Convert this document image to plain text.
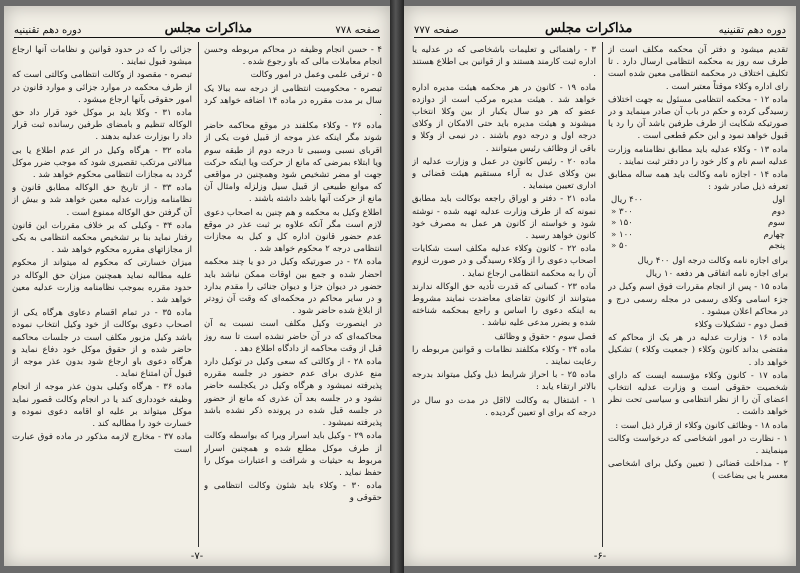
صفحه ۷۷۸
مذاکرات مجلس
دوره دهم تقنینیه

۴ - حسن انجام وظیفه در محاکم مربوطه وحسن انجام معاملات مالی که باو رجوع شده .

۵ - ترقی علمی وعمل در امور وکالت

تبصره - محکومیت انتظامی از درجه سه ببالا یک سال بر مدت مقرره در ماده ۱۴ اضافه خواهد کرد .

ماده ۲۶ - وکلاء مکلفند در موقع محاکمه حاضر شوند مگر اینکه عذر موجه از قبیل فوت یکی از اقربای نسبی وسببی تا درجه دوم از طبقه سوم ویا ابتلاء بمرضی که مانع از حرکت ویا اینکه حرکت جهت او مضر تشخیص شود وهمچنین در مواقعی که موانع طبیعی از قبیل سیل وزلزله وامثال آن مانع از حرکت آنها باشد داشته باشند .

اطلاع وکیل به محکمه و هم چنین به اصحاب دعوی لازم است مگر آنکه علاوه بر ثبت عذر در موقع عدم حضور قانون اداره کل و کیل به مجازات انتظامی درجه ۲ محکوم خواهد شد .

ماده ۲۸ - در صورتیکه وکیل در دو یا چند محکمه احضار شده و جمع بین اوقات ممکن نباشد باید حضور در دیوان جزا و دیوان جنائی را مقدم بدارد و در سایر محاکم در محکمه‌ای که وقت آن زودتر از ابلاغ شده حاضر شود .

در اینصورت وکیل مکلف است نسبت به آن محاکمه‌ای که در آن حاضر نشده است تا سه روز قبل از وقت محاکمه از دادگاه اطلاع دهد .

ماده ۲۸ - از وکالتی که سعی وکیل در توکیل دارد منع عذری برای عدم حضور در جلسه مقرره پذیرفته نمیشود و هرگاه وکیل در یکجلسه حاضر نشود و در جلسه بعد آن عذری که مانع از حضور در جلسه قبل شده در پرونده ذکر نشده باشد پذیرفته نمیشود .

ماده ۲۹ - وکیل باید اسرار ویرا که بواسطه وکالت از طرف موکل مطلع شده و همچنین اسرار مربوط به حیثیات و شرافت و اعتبارات موکل را حفظ نماید .

ماده ۳۰ - وکلاء باید شئون وکالت انتظامی و حقوقی و

جزائی را که در حدود قوانین و نظامات آنها ارجاع میشود قبول نمایند .

تبصره - مقصود از وکالت انتظامی وکالتی است که از طرف محکمه در موارد جزائی و موارد قانون در امور حقوقی بآنها ارجاع میشود .

ماده ۳۱ - وکلا باید بر موکل خود قرار داد حق الوکاله تنظیم و بامضای طرفین رسانده ثبت قرار داد را بوزارت عدلیه بدهند .

ماده ۳۲ - هرگاه وکیل در اثر عدم اطلاع یا بی مبالاتی مرتکب تقصیری شود که موجب ضرر موکل گردد به مجازات انتظامی محکوم خواهد شد .

ماده ۳۳ - از تاریخ حق الوکاله مطابق قانون و نظامنامه وزارت عدلیه معین خواهد شد و بیش از آن گرفتن حق الوکاله ممنوع است .

ماده ۳۴ - وکیلی که بر خلاف مقررات این قانون رفتار نماید بنا بر تشخیص محکمه انتظامی به یکی از مجازاتهای مقرره محکوم خواهد شد .

میزان خسارتی که محکوم له میتواند از محکوم علیه مطالبه نماید همچنین میزان حق الوکاله در حدود مقرره بموجب نظامنامه وزارت عدلیه معین خواهد شد .

ماده ۳۵ - در تمام اقسام دعاوی هرگاه یکی از اصحاب دعوی بوکالت از خود وکیل انتخاب نموده باشد وکیل مزبور مکلف است در جلسات محاکمه حاضر شده و از حقوق موکل خود دفاع نماید و هرگاه دعوی باو ارجاع شود بدون عذر موجه از قبول آن امتناع نماید .

ماده ۳۶ - هرگاه وکیلی بدون عذر موجه از انجام وظیفه خودداری کند یا در انجام وکالت قصور نماید موکل میتواند بر علیه او اقامه دعوی نموده و خسارت خود را مطالبه کند .

ماده ۳۷ - مخارج لازمه مذکور در ماده فوق عبارت است

-۷-
دوره دهم تقنینیه
مذاکرات مجلس
صفحه ۷۷۷

تقدیم میشود و دفتر آن محکمه مکلف است از طرف سه روز به محکمه انتظامی ارسال دارد . تا تکلیف اختلاف در محکمه انتظامی معین شده است رای اداره وکلاء موقتاً معتبر است .

ماده ۱۲ - محکمه انتظامی مسئول به جهت اختلاف رسیدگی کرده و حکم در باب آن صادر مینماید و در صورتیکه شکایت از طرف طرفین باشد آن را رد یا قبول خواهد نمود و این حکم قطعی است .

ماده ۱۳ - وکلاء عدلیه باید مطابق نظامنامه وزارت عدلیه اسم نام و کار خود را در دفتر ثبت نمایند .

ماده ۱۴ - اجازه نامه وکالت باید همه ساله مطابق تعرفه ذیل صادر شود :

اول	۴۰۰ ریال
دوم	۳۰۰ «
سوم	۱۵۰ «
چهارم	۱۰۰ «
پنجم	۵۰ «

برای اجازه نامه وکالت درجه اول ۴۰۰ ریال

برای اجازه نامه اتفاقی هر دفعه ۱۰ ریال

ماده ۱۵ - پس از انجام مقررات فوق اسم وکیل در جزء اسامی وکلای رسمی در مجله رسمی درج و در محاکم اعلان میشود .

فصل دوم - تشکیلات وکلاء

ماده ۱۶ - وزارت عدلیه در هر یک از محاکم که مقتضی بداند کانون وکلاء ( جمعیت وکلاء ) تشکیل خواهد داد .

ماده ۱۷ - کانون وکلاء مؤسسه ایست که دارای شخصیت حقوقی است و وزارت عدلیه انتخاب اعضای آن را از نظر انتظامی و سیاسی تحت نظر خواهد داشت .

ماده ۱۸ - وظائف کانون وکلاء از قرار ذیل است :

۱ - نظارت در امور اشخاصی که درخواست وکالت مینمایند .

۲ - مداخلت قضائی ( تعیین وکیل برای اشخاصی معسر یا بی بضاعت )

۳ - راهنمائی و تعلیمات باشخاصی که در عدلیه یا اداره ثبت کارمند هستند و از قوانین بی اطلاع هستند .

ماده ۱۹ - کانون در هر محکمه هیئت مدیره اداره خواهد شد . هیئت مدیره مرکب است از دوازده عضو که هر دو سال یکبار از بین وکلا انتخاب میشوند و هیئت مدیره باید حتی الامکان از وکلای درجه اول و درجه دوم باشند . در نیمی از وکلا و باقی از وظائف رئیس میتوانند .

ماده ۲۰ - رئیس کانون در عمل و وزارت عدلیه از بین وکلای عدل به آراء مستقیم هیئت قضائی و اداری تعیین مینماید .

ماده ۲۱ - دفتر و اوراق راجعه بوکالت باید مطابق نمونه که از طرف وزارت عدلیه تهیه شده - نوشته شود و خواسته از کانون هر عمل به مصرف خود کانون خواهد رسید .

ماده ۲۲ - کانون وکلاء عدلیه مکلف است شکایات اصحاب دعوی را از وکلاء رسیدگی و در صورت لزوم آن را به محکمه انتظامی ارجاع نماید .

ماده ۲۳ - کسانی که قدرت تأدیه حق الوکاله ندارند میتوانند از کانون تقاضای معاضدت نمایند مشروط به اینکه دعوی را اساس و راجع بمحکمه شناخته شده و بضرر مدعی علیه نباشد .

فصل سوم - حقوق و وظائف

ماده ۲۴ - وکلاء مکلفند نظامات و قوانین مربوطه را رعایت نمایند .

ماده ۲۵ - با احراز شرایط ذیل وکیل میتواند بدرجه بالاتر ارتقاء یابد :

۱ - اشتغال به وکالت لااقل در مدت دو سال در درجه که برای او تعیین گردیده .

-۶-
